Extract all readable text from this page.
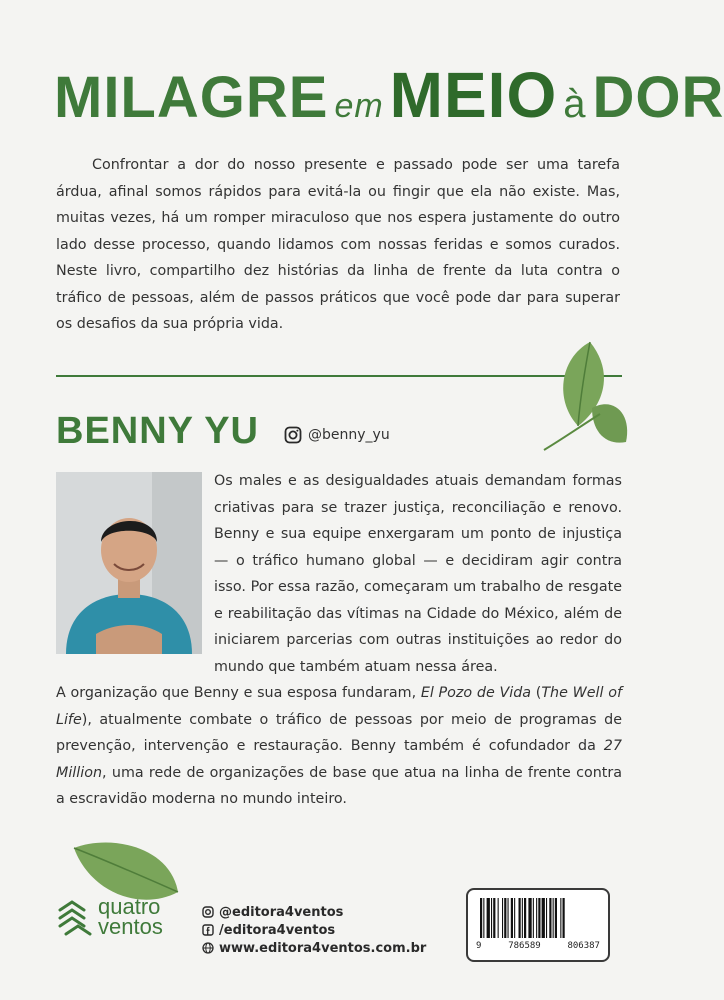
MILAGRE emMEIO à DOR
Confrontar a dor do nosso presente e passado pode ser uma tarefa árdua, afinal somos rápidos para evitá-la ou fingir que ela não existe. Mas, muitas vezes, há um romper miraculoso que nos espera justamente do outro lado desse processo, quando lidamos com nossas feridas e somos curados. Neste livro, compartilho dez histórias da linha de frente da luta contra o tráfico de pessoas, além de passos práticos que você pode dar para superar os desafios da sua própria vida.
BENNY YU	@benny_yu

Os males e as desigualdades atuais demandam formas criativas para se trazer justiça, reconciliação e renovo. Benny e sua equipe enxergaram um ponto de injustiça — o tráfico humano global — e decidiram agir contra isso. Por essa razão, começaram um trabalho de resgate e reabilitação das vítimas na Cidade do México, além de iniciarem parcerias com outras instituições ao redor do mundo que também atuam nessa área.

A organização que Benny e sua esposa fundaram, El Pozo de Vida (The Well of Life), atualmente combate o tráfico de pessoas por meio de programas de prevenção, intervenção e restauração. Benny também é cofundador da 27 Million, uma rede de organizações de base que atua na linha de frente contra a escravidão moderna no mundo inteiro.

quatro
ventos
@editora4ventos
/editora4ventos
www.editora4ventos.com.br	9	786589	806387
